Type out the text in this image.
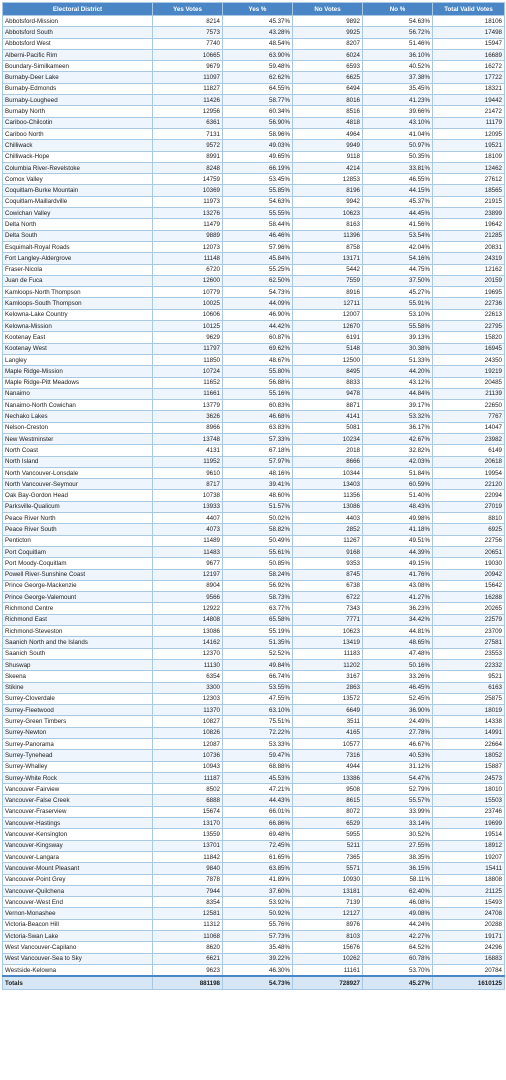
Electoral District	Yes Votes	Yes %	No Votes	No %	Total Valid Votes
Abbotsford-Mission	8214	45.37%	9892	54.63%	18106
Abbotsford South	7573	43.28%	9925	56.72%	17498
Abbotsford West	7740	48.54%	8207	51.46%	15947
Alberni-Pacific Rim	10665	63.90%	6024	36.10%	16689
Boundary-Similkameen	9679	59.48%	6593	40.52%	16272
Burnaby-Deer Lake	11097	62.62%	6625	37.38%	17722
Burnaby-Edmonds	11827	64.55%	6494	35.45%	18321
Burnaby-Lougheed	11426	58.77%	8016	41.23%	19442
Burnaby North	12956	60.34%	8516	39.66%	21472
Cariboo-Chilcotin	6361	56.90%	4818	43.10%	11179
Cariboo North	7131	58.96%	4964	41.04%	12095
Chilliwack	9572	49.03%	9949	50.97%	19521
Chilliwack-Hope	8991	49.65%	9118	50.35%	18109
Columbia River-Revelstoke	8248	66.19%	4214	33.81%	12462
Comox Valley	14759	53.45%	12853	46.55%	27612
Coquitlam-Burke Mountain	10369	55.85%	8196	44.15%	18565
Coquitlam-Maillardville	11973	54.63%	9942	45.37%	21915
Cowichan Valley	13276	55.55%	10623	44.45%	23899
Delta North	11479	58.44%	8163	41.56%	19642
Delta South	9889	46.46%	11396	53.54%	21285
Esquimalt-Royal Roads	12073	57.96%	8758	42.04%	20831
Fort Langley-Aldergrove	11148	45.84%	13171	54.16%	24319
Fraser-Nicola	6720	55.25%	5442	44.75%	12162
Juan de Fuca	12600	62.50%	7559	37.50%	20159
Kamloops-North Thompson	10779	54.73%	8916	45.27%	19695
Kamloops-South Thompson	10025	44.09%	12711	55.91%	22736
Kelowna-Lake Country	10606	46.90%	12007	53.10%	22613
Kelowna-Mission	10125	44.42%	12670	55.58%	22795
Kootenay East	9629	60.87%	6191	39.13%	15820
Kootenay West	11797	69.62%	5148	30.38%	16945
Langley	11850	48.67%	12500	51.33%	24350
Maple Ridge-Mission	10724	55.80%	8495	44.20%	19219
Maple Ridge-Pitt Meadows	11652	56.88%	8833	43.12%	20485
Nanaimo	11661	55.16%	9478	44.84%	21139
Nanaimo-North Cowichan	13779	60.83%	8871	39.17%	22650
Nechako Lakes	3626	46.68%	4141	53.32%	7767
Nelson-Creston	8966	63.83%	5081	36.17%	14047
New Westminster	13748	57.33%	10234	42.67%	23982
North Coast	4131	67.18%	2018	32.82%	6149
North Island	11952	57.97%	8666	42.03%	20618
North Vancouver-Lonsdale	9610	48.16%	10344	51.84%	19954
North Vancouver-Seymour	8717	39.41%	13403	60.59%	22120
Oak Bay-Gordon Head	10738	48.60%	11356	51.40%	22094
Parksville-Qualicum	13933	51.57%	13086	48.43%	27019
Peace River North	4407	50.02%	4403	49.98%	8810
Peace River South	4073	58.82%	2852	41.18%	6925
Penticton	11489	50.49%	11267	49.51%	22756
Port Coquitlam	11483	55.61%	9168	44.39%	20651
Port Moody-Coquitlam	9677	50.85%	9353	49.15%	19030
Powell River-Sunshine Coast	12197	58.24%	8745	41.76%	20942
Prince George-Mackenzie	8904	56.92%	6738	43.08%	15642
Prince George-Valemount	9566	58.73%	6722	41.27%	16288
Richmond Centre	12922	63.77%	7343	36.23%	20265
Richmond East	14808	65.58%	7771	34.42%	22579
Richmond-Steveston	13086	55.19%	10623	44.81%	23709
Saanich North and the Islands	14162	51.35%	13419	48.65%	27581
Saanich South	12370	52.52%	11183	47.48%	23553
Shuswap	11130	49.84%	11202	50.16%	22332
Skeena	6354	66.74%	3167	33.26%	9521
Stikine	3300	53.55%	2863	46.45%	6163
Surrey-Cloverdale	12303	47.55%	13572	52.45%	25875
Surrey-Fleetwood	11370	63.10%	6649	36.90%	18019
Surrey-Green Timbers	10827	75.51%	3511	24.49%	14338
Surrey-Newton	10826	72.22%	4165	27.78%	14991
Surrey-Panorama	12087	53.33%	10577	46.67%	22664
Surrey-Tynehead	10736	59.47%	7316	40.53%	18052
Surrey-Whalley	10943	68.88%	4944	31.12%	15887
Surrey-White Rock	11187	45.53%	13386	54.47%	24573
Vancouver-Fairview	8502	47.21%	9508	52.79%	18010
Vancouver-False Creek	6888	44.43%	8615	55.57%	15503
Vancouver-Fraserview	15674	66.01%	8072	33.99%	23746
Vancouver-Hastings	13170	66.86%	6529	33.14%	19699
Vancouver-Kensington	13559	69.48%	5955	30.52%	19514
Vancouver-Kingsway	13701	72.45%	5211	27.55%	18912
Vancouver-Langara	11842	61.65%	7365	38.35%	19207
Vancouver-Mount Pleasant	9840	63.85%	5571	36.15%	15411
Vancouver-Point Grey	7878	41.89%	10930	58.11%	18808
Vancouver-Quilchena	7944	37.60%	13181	62.40%	21125
Vancouver-West End	8354	53.92%	7139	46.08%	15493
Vernon-Monashee	12581	50.92%	12127	49.08%	24708
Victoria-Beacon Hill	11312	55.76%	8976	44.24%	20288
Victoria-Swan Lake	11068	57.73%	8103	42.27%	19171
West Vancouver-Capilano	8620	35.48%	15676	64.52%	24296
West Vancouver-Sea to Sky	6621	39.22%	10262	60.78%	16883
Westside-Kelowna	9623	46.30%	11161	53.70%	20784
Totals	881198	54.73%	728927	45.27%	1610125
